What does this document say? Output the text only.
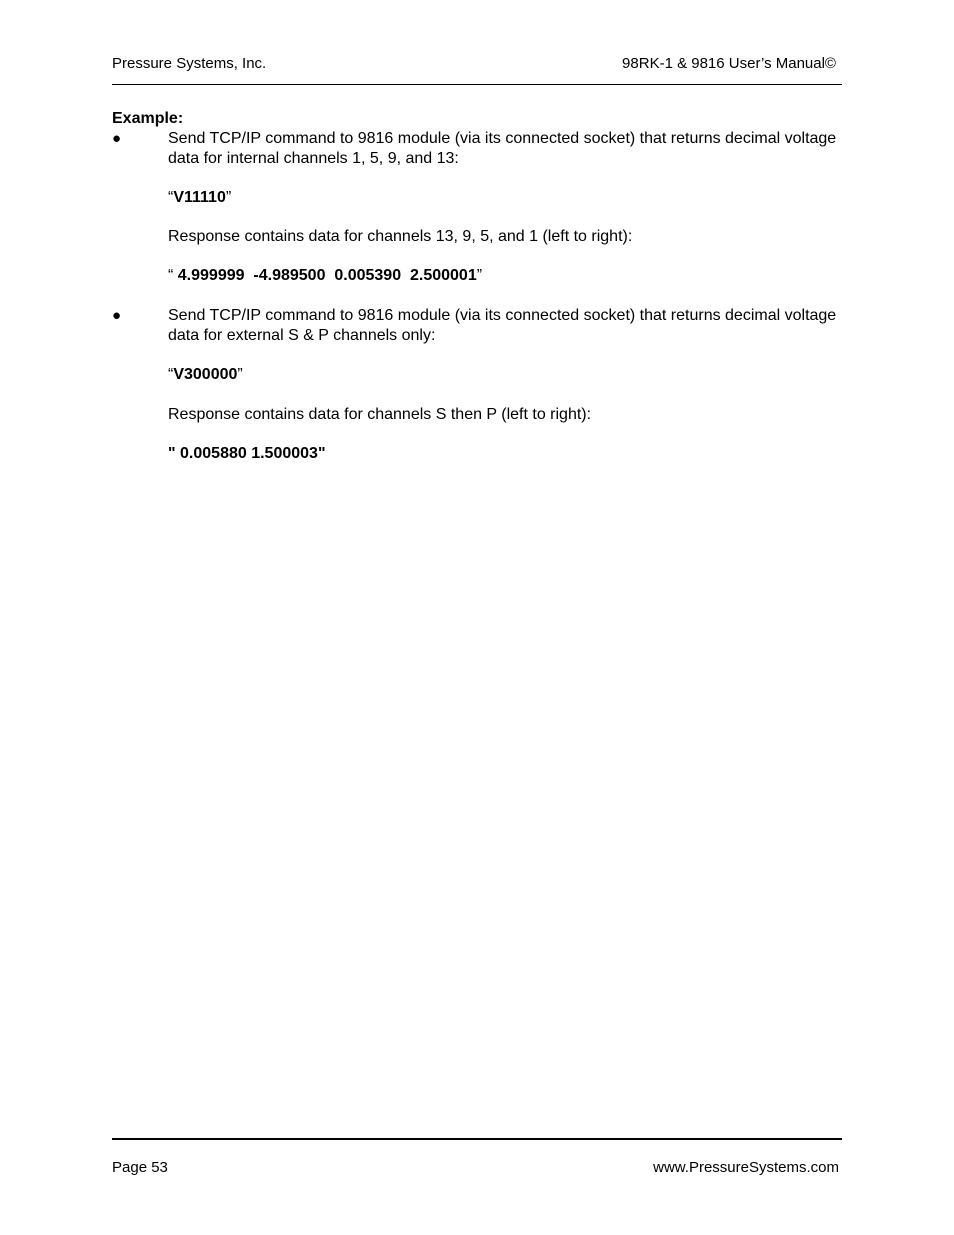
Pressure Systems, Inc.	98RK-1 & 9816 User’s Manual©

Example:

●	Send TCP/IP command to 9816 module (via its connected socket) that returns decimal voltage data for internal channels 1, 5, 9, and 13:

“V11110”

Response contains data for channels 13, 9, 5, and 1 (left to right):

“ 4.999999  -4.989500  0.005390  2.500001”

●	Send TCP/IP command to 9816 module (via its connected socket) that returns decimal voltage data for external S & P channels only:

“V300000”

Response contains data for channels S then P (left to right):

" 0.005880 1.500003"

Page 53	www.PressureSystems.com
